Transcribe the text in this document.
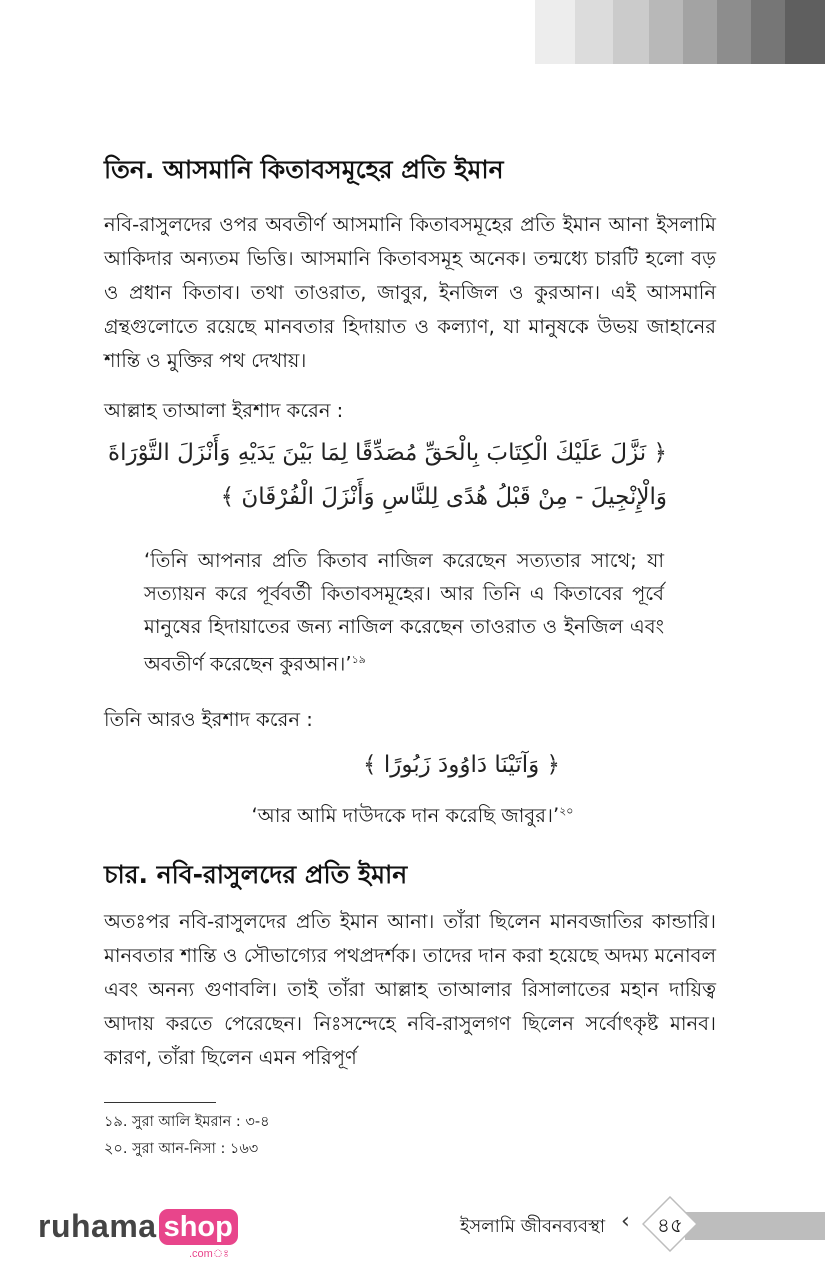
তিন. আসমানি কিতাবসমূহের প্রতি ইমান
নবি-রাসুলদের ওপর অবতীর্ণ আসমানি কিতাবসমূহের প্রতি ইমান আনা ইসলামি আকিদার অন্যতম ভিত্তি। আসমানি কিতাবসমূহ অনেক। তন্মধ্যে চারটি হলো বড় ও প্রধান কিতাব। তথা তাওরাত, জাবুর, ইনজিল ও কুরআন। এই আসমানি গ্রন্থগুলোতে রয়েছে মানবতার হিদায়াত ও কল্যাণ, যা মানুষকে উভয় জাহানের শান্তি ও মুক্তির পথ দেখায়।
আল্লাহ তাআলা ইরশাদ করেন :
﴿ نَزَّلَ عَلَيْكَ الْكِتَابَ بِالْحَقِّ مُصَدِّقًا لِمَا بَيْنَ يَدَيْهِ وَأَنْزَلَ التَّوْرَاةَ
وَالْإِنْجِيلَ - مِنْ قَبْلُ هُدًى لِلنَّاسِ وَأَنْزَلَ الْفُرْقَانَ ﴾
‘তিনি আপনার প্রতি কিতাব নাজিল করেছেন সত্যতার সাথে; যা সত্যায়ন করে পূর্ববর্তী কিতাবসমূহের। আর তিনি এ কিতাবের পূর্বে মানুষের হিদায়াতের জন্য নাজিল করেছেন তাওরাত ও ইনজিল এবং অবতীর্ণ করেছেন কুরআন।’$^{১৯}$
তিনি আরও ইরশাদ করেন :
﴿ وَآتَيْنَا دَاوُودَ زَبُورًا ﴾
‘আর আমি দাউদকে দান করেছি জাবুর।’$^{২০}$
চার. নবি-রাসুলদের প্রতি ইমান
অতঃপর নবি-রাসুলদের প্রতি ইমান আনা। তাঁরা ছিলেন মানবজাতির কান্ডারি। মানবতার শান্তি ও সৌভাগ্যের পথপ্রদর্শক। তাদের দান করা হয়েছে অদম্য মনোবল এবং অনন্য গুণাবলি। তাই তাঁরা আল্লাহ তাআলার রিসালাতের মহান দায়িত্ব আদায় করতে পেরেছেন। নিঃসন্দেহে নবি-রাসুলগণ ছিলেন সর্বোৎকৃষ্ট মানব। কারণ, তাঁরা ছিলেন এমন পরিপূর্ণ
১৯. সুরা আলি ইমরান : ৩-৪
২০. সুরা আন-নিসা : ১৬৩
ruhama shop
.comঃ
ইসলামি জীবনব্যবস্থা ‹	৪৫
